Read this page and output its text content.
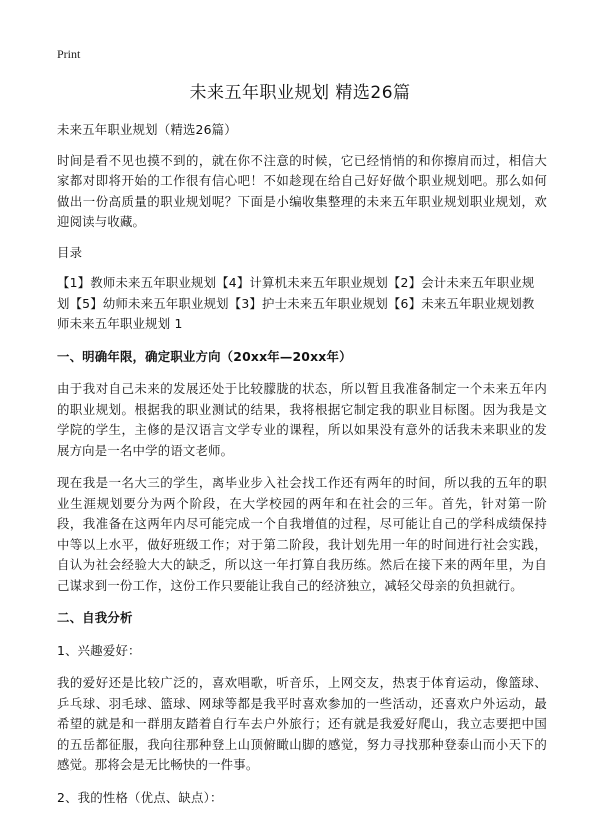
Print
未来五年职业规划 精选26篇

未来五年职业规划（精选26篇）

时间是看不见也摸不到的，就在你不注意的时候，它已经悄悄的和你擦肩而过，相信大家都对即将开始的工作很有信心吧！不如趁现在给自己好好做个职业规划吧。那么如何做出一份高质量的职业规划呢？下面是小编收集整理的未来五年职业规划职业规划，欢迎阅读与收藏。

目录

【1】教师未来五年职业规划【4】计算机未来五年职业规划【2】会计未来五年职业规划【5】幼师未来五年职业规划【3】护士未来五年职业规划【6】未来五年职业规划教师未来五年职业规划 1

一、明确年限，确定职业方向（20xx年—20xx年）

由于我对自己未来的发展还处于比较朦胧的状态，所以暂且我准备制定一个未来五年内的职业规划。根据我的职业测试的结果，我将根据它制定我的职业目标图。因为我是文学院的学生，主修的是汉语言文学专业的课程，所以如果没有意外的话我未来职业的发展方向是一名中学的语文老师。

现在我是一名大三的学生，离毕业步入社会找工作还有两年的时间，所以我的五年的职业生涯规划要分为两个阶段，在大学校园的两年和在社会的三年。首先，针对第一阶段，我准备在这两年内尽可能完成一个自我增值的过程，尽可能让自己的学科成绩保持中等以上水平，做好班级工作；对于第二阶段，我计划先用一年的时间进行社会实践，自认为社会经验大大的缺乏，所以这一年打算自我历练。然后在接下来的两年里，为自己谋求到一份工作，这份工作只要能让我自己的经济独立，减轻父母亲的负担就行。

二、自我分析

1、兴趣爱好：

我的爱好还是比较广泛的，喜欢唱歌，听音乐，上网交友，热衷于体育运动，像篮球、乒乓球、羽毛球、篮球、网球等都是我平时喜欢参加的一些活动，还喜欢户外运动，最希望的就是和一群朋友踏着自行车去户外旅行；还有就是我爱好爬山，我立志要把中国的五岳都征服，我向往那种登上山顶俯瞰山脚的感觉，努力寻找那种登泰山而小天下的感觉。那将会是无比畅快的一件事。

2、我的性格（优点、缺点）：
